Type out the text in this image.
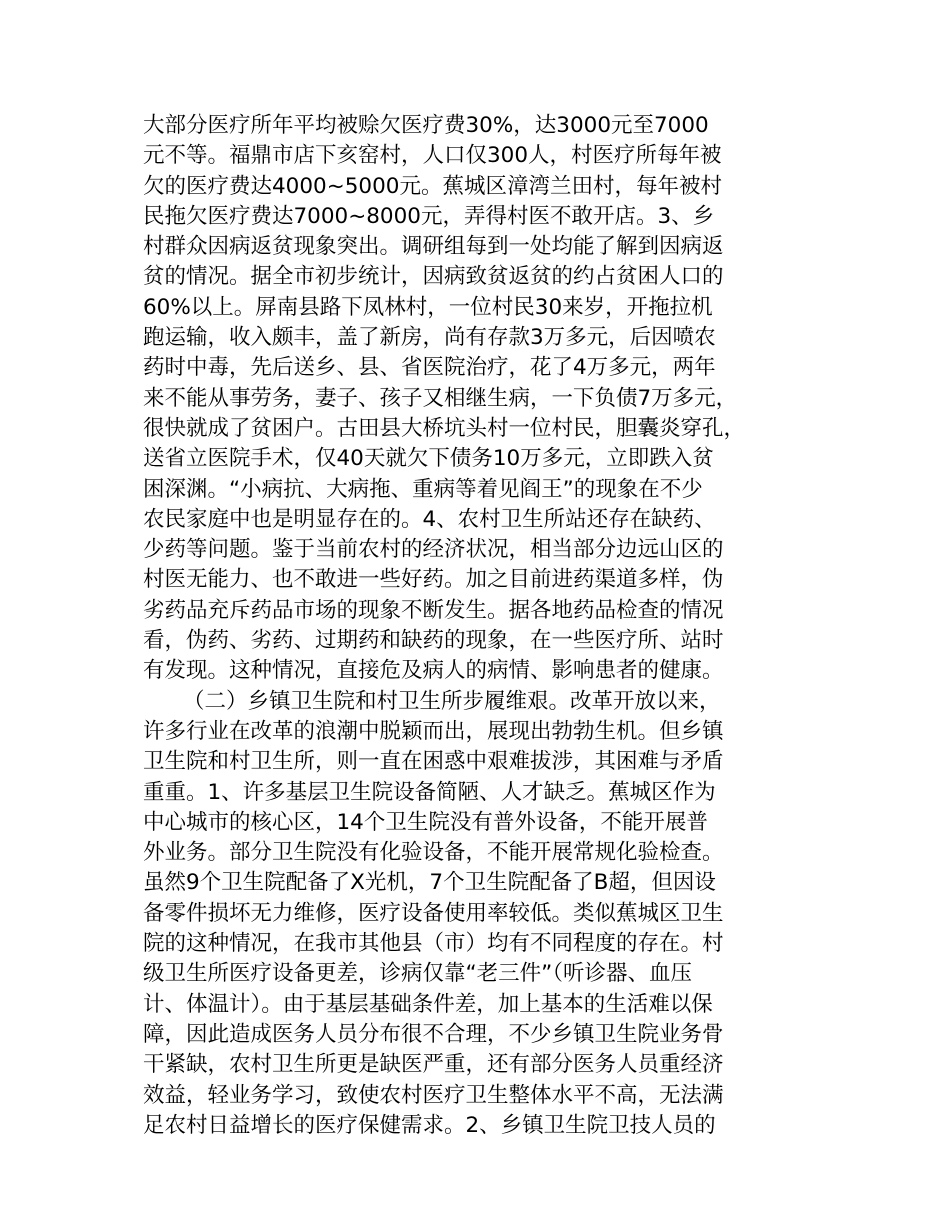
大部分医疗所年平均被赊欠医疗费30%，达3000元至7000
元不等。福鼎市店下亥窑村，人口仅300人，村医疗所每年被
欠的医疗费达4000~5000元。蕉城区漳湾兰田村，每年被村
民拖欠医疗费达7000~8000元，弄得村医不敢开店。3、乡
村群众因病返贫现象突出。调研组每到一处均能了解到因病返
贫的情况。据全市初步统计，因病致贫返贫的约占贫困人口的
60%以上。屏南县路下凤林村，一位村民30来岁，开拖拉机
跑运输，收入颇丰，盖了新房，尚有存款3万多元，后因喷农
药时中毒，先后送乡、县、省医院治疗，花了4万多元，两年
来不能从事劳务，妻子、孩子又相继生病，一下负债7万多元，
很快就成了贫困户。古田县大桥坑头村一位村民，胆囊炎穿孔，
送省立医院手术，仅40天就欠下债务10万多元，立即跌入贫
困深渊。“小病抗、大病拖、重病等着见阎王”的现象在不少
农民家庭中也是明显存在的。4、农村卫生所站还存在缺药、
少药等问题。鉴于当前农村的经济状况，相当部分边远山区的
村医无能力、也不敢进一些好药。加之目前进药渠道多样，伪
劣药品充斥药品市场的现象不断发生。据各地药品检查的情况
看，伪药、劣药、过期药和缺药的现象，在一些医疗所、站时
有发现。这种情况，直接危及病人的病情、影响患者的健康。
（二）乡镇卫生院和村卫生所步履维艰。改革开放以来，
许多行业在改革的浪潮中脱颖而出，展现出勃勃生机。但乡镇
卫生院和村卫生所，则一直在困惑中艰难拔涉，其困难与矛盾
重重。1、许多基层卫生院设备简陋、人才缺乏。蕉城区作为
中心城市的核心区，14个卫生院没有普外设备，不能开展普
外业务。部分卫生院没有化验设备，不能开展常规化验检查。
虽然9个卫生院配备了X光机，7个卫生院配备了B超，但因设
备零件损坏无力维修，医疗设备使用率较低。类似蕉城区卫生
院的这种情况，在我市其他县（市）均有不同程度的存在。村
级卫生所医疗设备更差，诊病仅靠“老三件”（听诊器、血压
计、体温计）。由于基层基础条件差，加上基本的生活难以保
障，因此造成医务人员分布很不合理，不少乡镇卫生院业务骨
干紧缺，农村卫生所更是缺医严重，还有部分医务人员重经济
效益，轻业务学习，致使农村医疗卫生整体水平不高，无法满
足农村日益增长的医疗保健需求。2、乡镇卫生院卫技人员的
